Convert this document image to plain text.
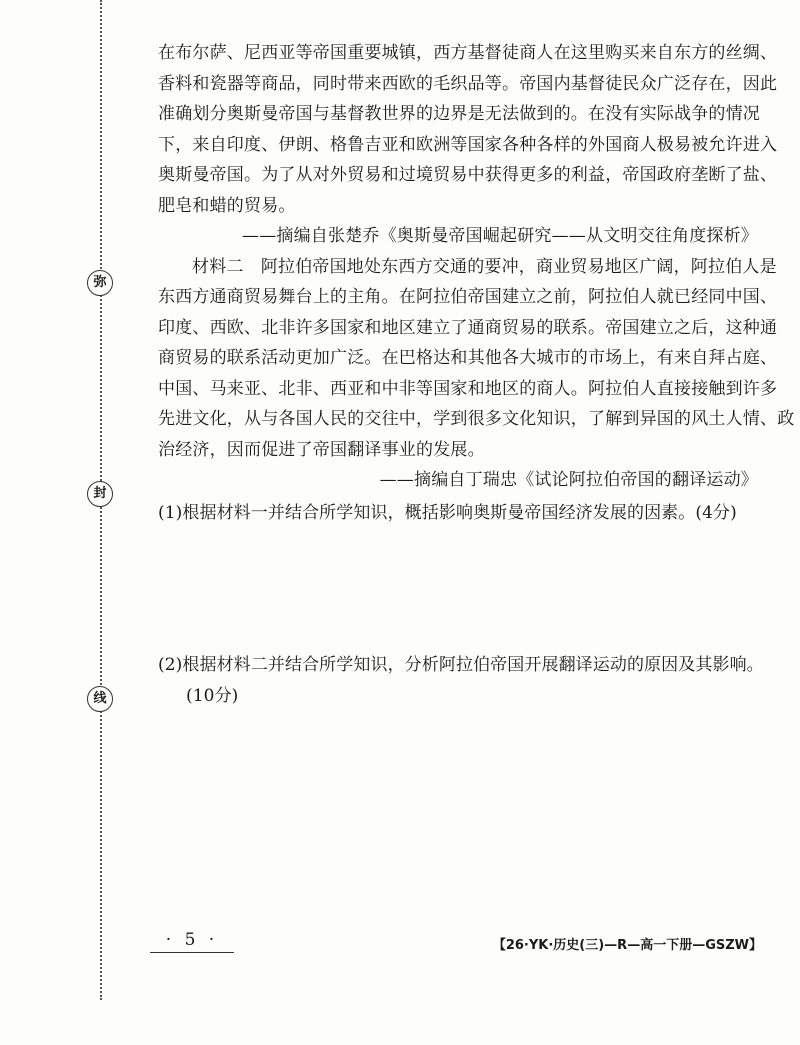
弥
封
线
在布尔萨、尼西亚等帝国重要城镇，西方基督徒商人在这里购买来自东方的丝绸、
香料和瓷器等商品，同时带来西欧的毛织品等。帝国内基督徒民众广泛存在，因此
准确划分奥斯曼帝国与基督教世界的边界是无法做到的。在没有实际战争的情况
下，来自印度、伊朗、格鲁吉亚和欧洲等国家各种各样的外国商人极易被允许进入
奥斯曼帝国。为了从对外贸易和过境贸易中获得更多的利益，帝国政府垄断了盐、
肥皂和蜡的贸易。
——摘编自张楚乔《奥斯曼帝国崛起研究——从文明交往角度探析》
材料二　阿拉伯帝国地处东西方交通的要冲，商业贸易地区广阔，阿拉伯人是
东西方通商贸易舞台上的主角。在阿拉伯帝国建立之前，阿拉伯人就已经同中国、
印度、西欧、北非许多国家和地区建立了通商贸易的联系。帝国建立之后，这种通
商贸易的联系活动更加广泛。在巴格达和其他各大城市的市场上，有来自拜占庭、
中国、马来亚、北非、西亚和中非等国家和地区的商人。阿拉伯人直接接触到许多
先进文化，从与各国人民的交往中，学到很多文化知识，了解到异国的风土人情、政
治经济，因而促进了帝国翻译事业的发展。
——摘编自丁瑞忠《试论阿拉伯帝国的翻译运动》
(1)根据材料一并结合所学知识，概括影响奥斯曼帝国经济发展的因素。(4分)
(2)根据材料二并结合所学知识，分析阿拉伯帝国开展翻译运动的原因及其影响。
(10分)
· 5 ·	【26·YK·历史(三)—R—高一下册—GSZW】
